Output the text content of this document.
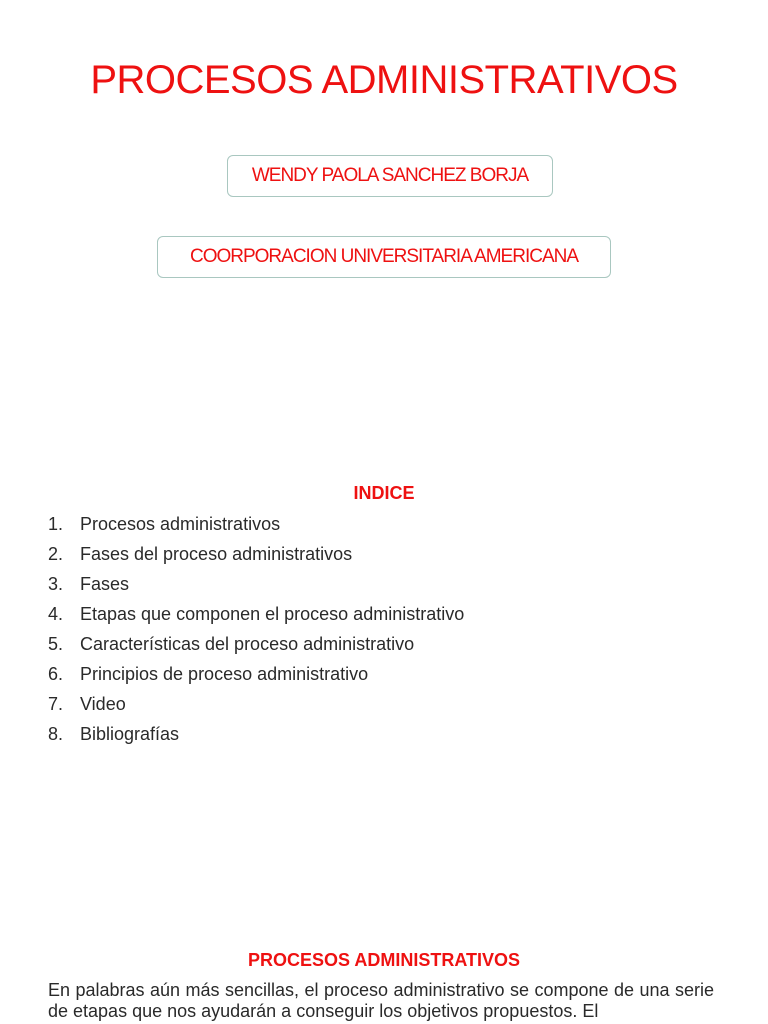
PROCESOS ADMINISTRATIVOS
WENDY PAOLA SANCHEZ BORJA
COORPORACION UNIVERSITARIA AMERICANA
INDICE
1. Procesos administrativos
2. Fases del proceso administrativos
3. Fases
4. Etapas que componen el proceso administrativo
5. Características del proceso administrativo
6. Principios de proceso administrativo
7. Video
8. Bibliografías
PROCESOS ADMINISTRATIVOS

En palabras aún más sencillas, el proceso administrativo se compone de una serie de etapas que nos ayudarán a conseguir los objetivos propuestos. El
